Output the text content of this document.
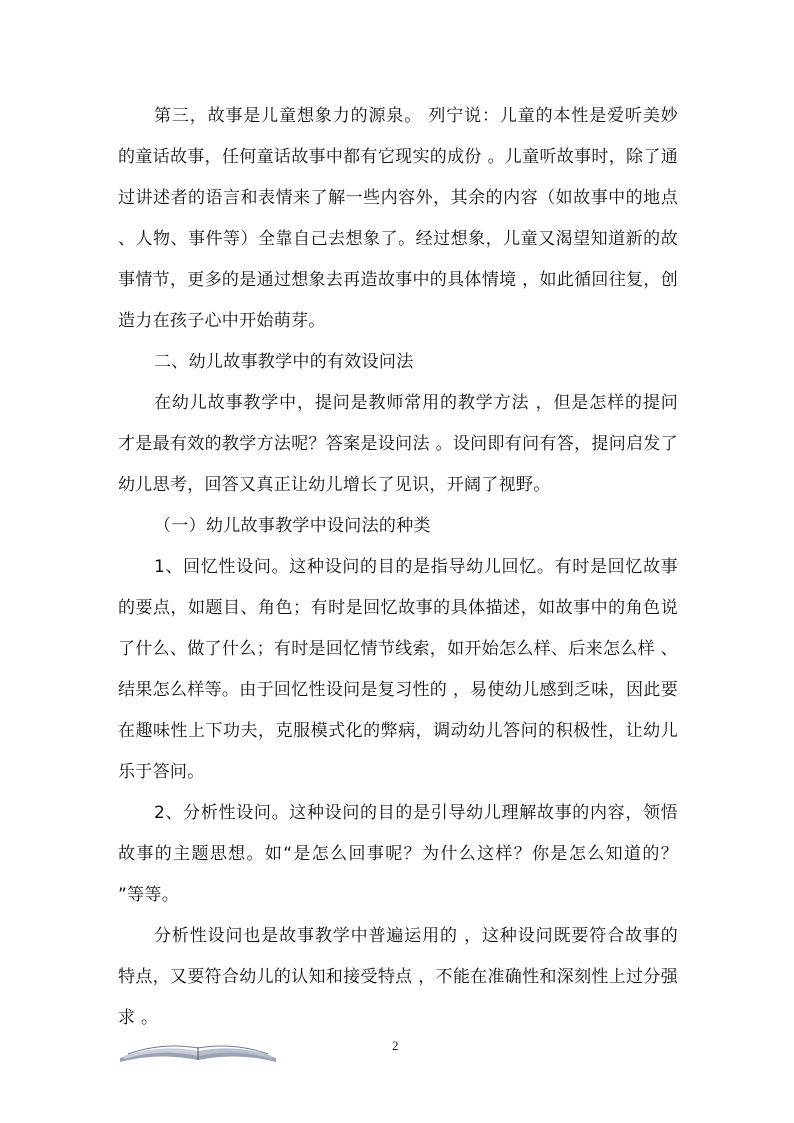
第三，故事是儿童想象力的源泉。 列宁说：儿童的本性是爱听美妙的童话故事，任何童话故事中都有它现实的成份 。儿童听故事时，除了通过讲述者的语言和表情来了解一些内容外，其余的内容（如故事中的地点 、人物、事件等）全靠自己去想象了。经过想象，儿童又渴望知道新的故事情节，更多的是通过想象去再造故事中的具体情境 ，如此循回往复，创造力在孩子心中开始萌芽。

二、幼儿故事教学中的有效设问法

在幼儿故事教学中，提问是教师常用的教学方法 ，但是怎样的提问才是最有效的教学方法呢？答案是设问法 。设问即有问有答，提问启发了幼儿思考，回答又真正让幼儿增长了见识，开阔了视野。

（一）幼儿故事教学中设问法的种类

1、回忆性设问。这种设问的目的是指导幼儿回忆。有时是回忆故事的要点，如题目、角色；有时是回忆故事的具体描述，如故事中的角色说了什么、做了什么；有时是回忆情节线索，如开始怎么样、后来怎么样 、结果怎么样等。由于回忆性设问是复习性的 ，易使幼儿感到乏味，因此要在趣味性上下功夫，克服模式化的弊病，调动幼儿答问的积极性，让幼儿乐于答问。

2、分析性设问。这种设问的目的是引导幼儿理解故事的内容，领悟故事的主题思想。如“是怎么回事呢？为什么这样？你是怎么知道的？ ”等等。

分析性设问也是故事教学中普遍运用的 ，这种设问既要符合故事的特点，又要符合幼儿的认知和接受特点 ，不能在准确性和深刻性上过分强求 。

2
